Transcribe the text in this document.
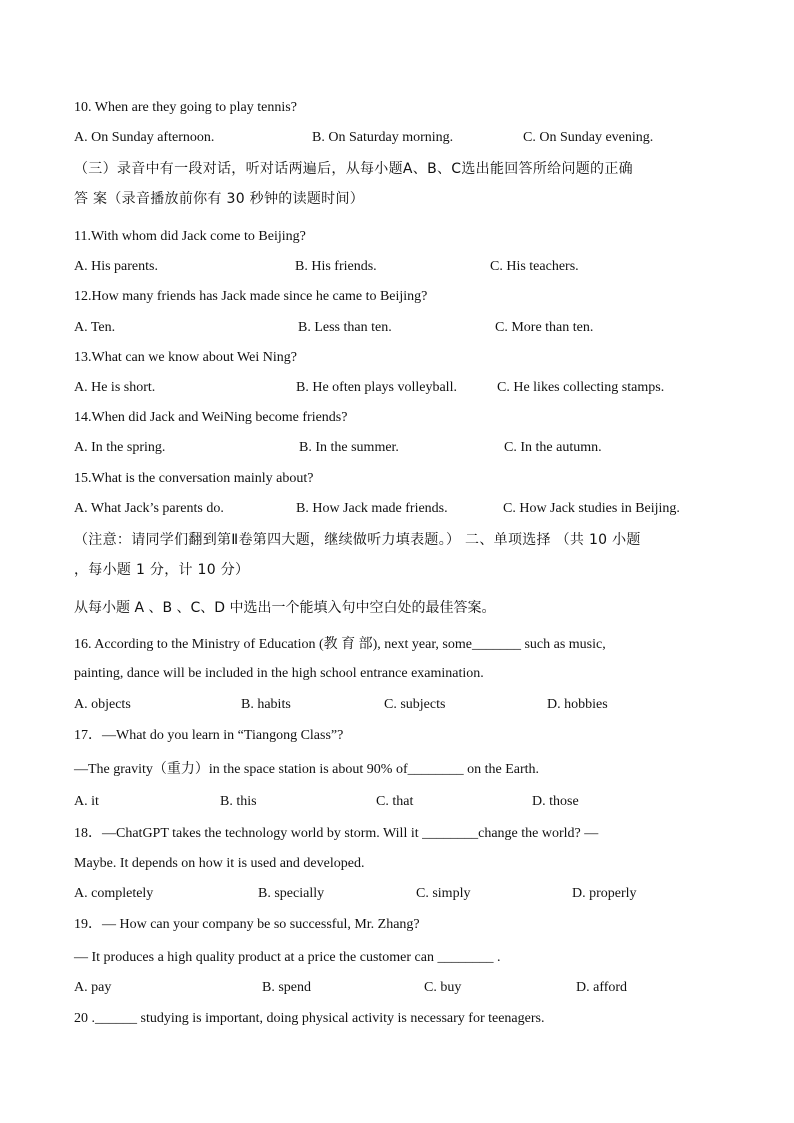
10. When are they going to play tennis?
A. On Sunday afternoon.	B. On Saturday morning.	C. On Sunday evening.
（三）录音中有一段对话，听对话两遍后，从每小题A、B、C选出能回答所给问题的正确
答 案（录音播放前你有 30 秒钟的读题时间）
11.With whom did Jack come to Beijing?
A. His parents.	B. His friends.	C. His teachers.
12.How many friends has Jack made since he came to Beijing?
A. Ten.	B. Less than ten.	C. More than ten.
13.What can we know about Wei Ning?
A. He is short.	B. He often plays volleyball.	C. He likes collecting stamps.
14.When did Jack and WeiNing become friends?
A. In the spring.	B. In the summer.	C. In the autumn.
15.What is the conversation mainly about?
A. What Jack’s parents do.	B. How Jack made friends.	C. How Jack studies in Beijing.
（注意：请同学们翻到第Ⅱ卷第四大题，继续做听力填表题。） 二、单项选择 （共 10 小题
，每小题 1 分，计 10 分）
从每小题 A 、B 、C、D 中选出一个能填入句中空白处的最佳答案。
16. According to the Ministry of Education (教 育 部), next year, some_______ such as music,
painting, dance will be included in the high school entrance examination.
A. objects	B. habits	C. subjects	D. hobbies
17．—What do you learn in “Tiangong Class”?
—The gravity（重力）in the space station is about 90% of________ on the Earth.
A. it	B. this	C. that	D. those
18．—ChatGPT takes the technology world by storm. Will it ________change the world? —
Maybe. It depends on how it is used and developed.
A. completely	B. specially	C. simply	D. properly
19．— How can your company be so successful, Mr. Zhang?
— It produces a high quality product at a price the customer can ________ .
A. pay	B. spend	C. buy	D. afford
20 .______ studying is important, doing physical activity is necessary for teenagers.
